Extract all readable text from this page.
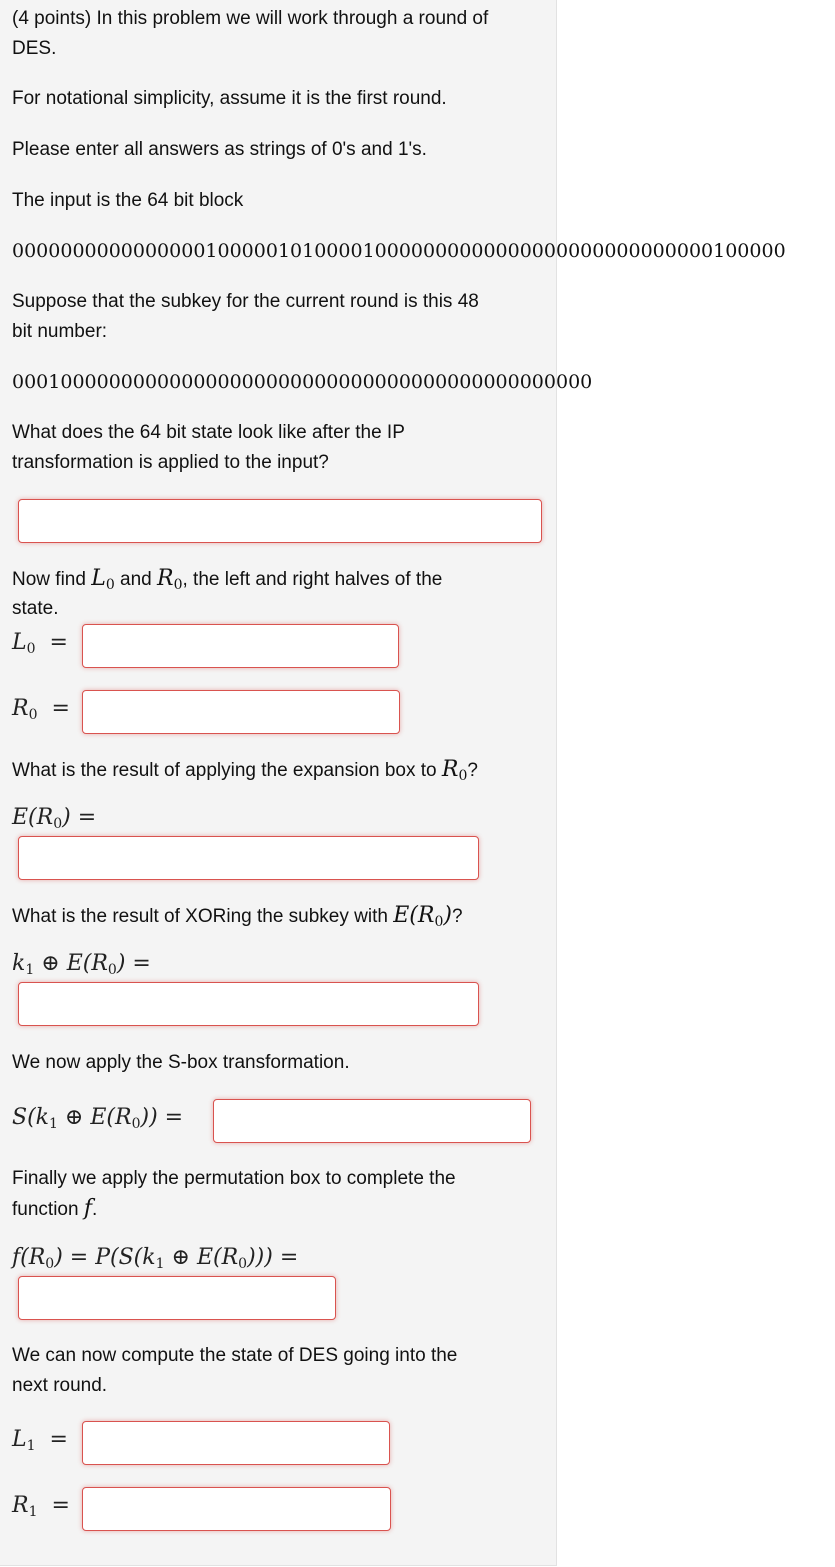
(4 points) In this problem we will work through a round of
DES.
For notational simplicity, assume it is the first round.
Please enter all answers as strings of 0's and 1's.
The input is the 64 bit block
0000000000000000100000101000010000000000000000000000000000100000
Suppose that the subkey for the current round is this 48
bit number:
000100000000000000000000000000000000000000000000
What does the 64 bit state look like after the IP
transformation is applied to the input?
Now find $L_0$ and $R_0$, the left and right halves of the
state.
$L_0$  =
$R_0$  =
What is the result of applying the expansion box to $R_0$?
$E(R_0)$ =
What is the result of XORing the subkey with $E(R_0)$?
$k_1$ ⊕ $E(R_0)$ =
We now apply the S-box transformation.
$S(k_1$ ⊕ $E(R_0)$) =
Finally we apply the permutation box to complete the
function f.
$f(R_0) = P(S(k_1$ ⊕ $E(R_0)$)) =
We can now compute the state of DES going into the
next round.
$L_1$  =
$R_1$  =
